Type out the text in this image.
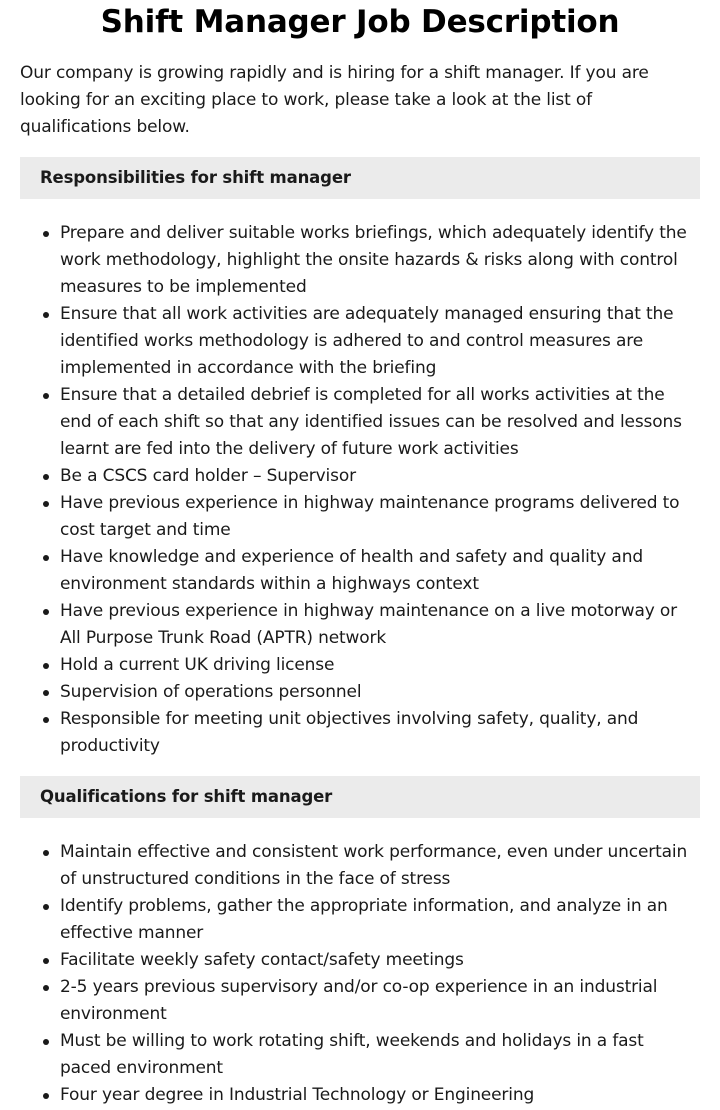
Shift Manager Job Description

Our company is growing rapidly and is hiring for a shift manager. If you are looking for an exciting place to work, please take a look at the list of qualifications below.

Responsibilities for shift manager
Prepare and deliver suitable works briefings, which adequately identify the work methodology, highlight the onsite hazards & risks along with control measures to be implemented
Ensure that all work activities are adequately managed ensuring that the identified works methodology is adhered to and control measures are implemented in accordance with the briefing
Ensure that a detailed debrief is completed for all works activities at the end of each shift so that any identified issues can be resolved and lessons learnt are fed into the delivery of future work activities
Be a CSCS card holder – Supervisor
Have previous experience in highway maintenance programs delivered to cost target and time
Have knowledge and experience of health and safety and quality and environment standards within a highways context
Have previous experience in highway maintenance on a live motorway or All Purpose Trunk Road (APTR) network
Hold a current UK driving license
Supervision of operations personnel
Responsible for meeting unit objectives involving safety, quality, and productivity
Qualifications for shift manager
Maintain effective and consistent work performance, even under uncertain of unstructured conditions in the face of stress
Identify problems, gather the appropriate information, and analyze in an effective manner
Facilitate weekly safety contact/safety meetings
2-5 years previous supervisory and/or co-op experience in an industrial environment
Must be willing to work rotating shift, weekends and holidays in a fast paced environment
Four year degree in Industrial Technology or Engineering
